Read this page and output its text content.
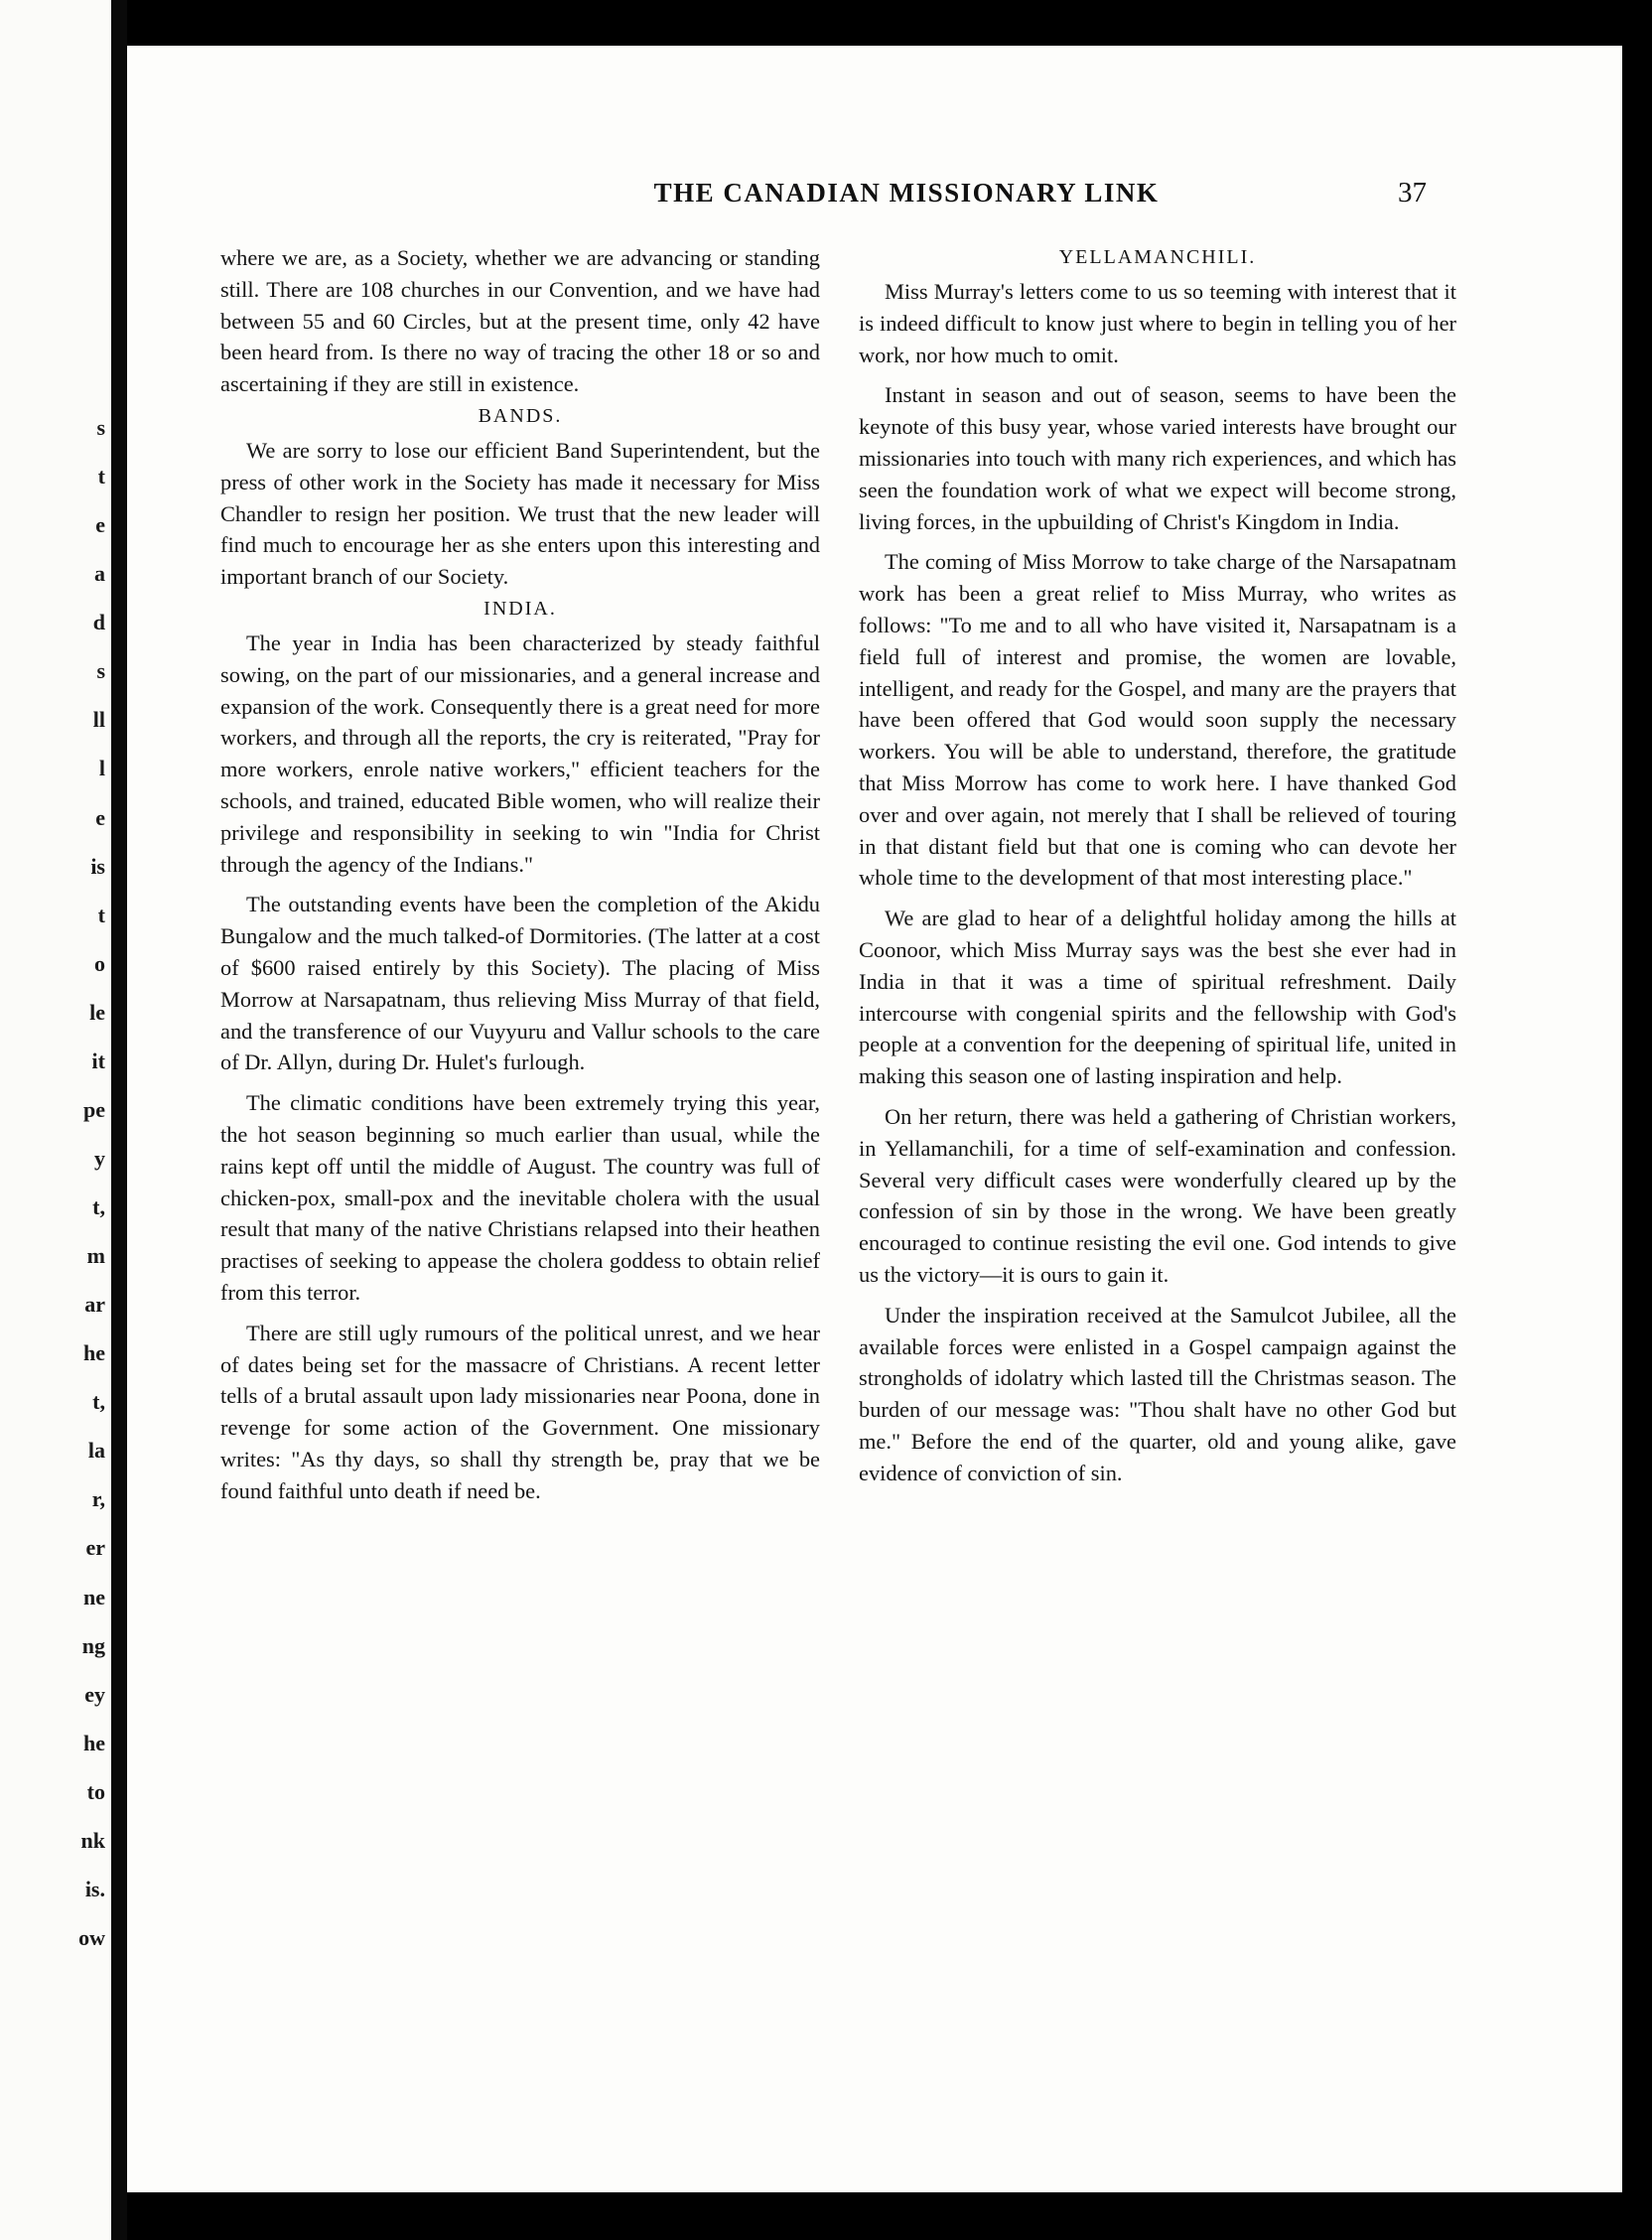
s
t
e
a
d
s
ll
l
e
is
t
o
le
it
pe
y
t,
m
ar
he
t,
la
r,
er
ne
ng
ey
he
to
nk
is.
ow
THE CANADIAN MISSIONARY LINK	37

where we are, as a Society, whether we are advancing or standing still. There are 108 churches in our Convention, and we have had between 55 and 60 Circles, but at the present time, only 42 have been heard from. Is there no way of tracing the other 18 or so and ascertaining if they are still in existence.

BANDS.

We are sorry to lose our efficient Band Superintendent, but the press of other work in the Society has made it necessary for Miss Chandler to resign her position. We trust that the new leader will find much to encourage her as she enters upon this interesting and important branch of our Society.

INDIA.

The year in India has been characterized by steady faithful sowing, on the part of our missionaries, and a general increase and expansion of the work. Consequently there is a great need for more workers, and through all the reports, the cry is reiterated, "Pray for more workers, enrole native workers," efficient teachers for the schools, and trained, educated Bible women, who will realize their privilege and responsibility in seeking to win "India for Christ through the agency of the Indians."

The outstanding events have been the completion of the Akidu Bungalow and the much talked-of Dormitories. (The latter at a cost of $600 raised entirely by this Society). The placing of Miss Morrow at Narsapatnam, thus relieving Miss Murray of that field, and the transference of our Vuyyuru and Vallur schools to the care of Dr. Allyn, during Dr. Hulet's furlough.

The climatic conditions have been extremely trying this year, the hot season beginning so much earlier than usual, while the rains kept off until the middle of August. The country was full of chicken-pox, small-pox and the inevitable cholera with the usual result that many of the native Christians relapsed into their heathen practises of seeking to appease the cholera goddess to obtain relief from this terror.

There are still ugly rumours of the political unrest, and we hear of dates being set for the massacre of Christians. A recent letter tells of a brutal assault upon lady missionaries near Poona, done in revenge for some action of the Government. One missionary writes: "As thy days, so shall thy strength be, pray that we be found faithful unto death if need be.

YELLAMANCHILI.

Miss Murray's letters come to us so teeming with interest that it is indeed difficult to know just where to begin in telling you of her work, nor how much to omit.

Instant in season and out of season, seems to have been the keynote of this busy year, whose varied interests have brought our missionaries into touch with many rich experiences, and which has seen the foundation work of what we expect will become strong, living forces, in the upbuilding of Christ's Kingdom in India.

The coming of Miss Morrow to take charge of the Narsapatnam work has been a great relief to Miss Murray, who writes as follows: "To me and to all who have visited it, Narsapatnam is a field full of interest and promise, the women are lovable, intelligent, and ready for the Gospel, and many are the prayers that have been offered that God would soon supply the necessary workers. You will be able to understand, therefore, the gratitude that Miss Morrow has come to work here. I have thanked God over and over again, not merely that I shall be relieved of touring in that distant field but that one is coming who can devote her whole time to the development of that most interesting place."

We are glad to hear of a delightful holiday among the hills at Coonoor, which Miss Murray says was the best she ever had in India in that it was a time of spiritual refreshment. Daily intercourse with congenial spirits and the fellowship with God's people at a convention for the deepening of spiritual life, united in making this season one of lasting inspiration and help.

On her return, there was held a gathering of Christian workers, in Yellamanchili, for a time of self-examination and confession. Several very difficult cases were wonderfully cleared up by the confession of sin by those in the wrong. We have been greatly encouraged to continue resisting the evil one. God intends to give us the victory—it is ours to gain it.

Under the inspiration received at the Samulcot Jubilee, all the available forces were enlisted in a Gospel campaign against the strongholds of idolatry which lasted till the Christmas season. The burden of our message was: "Thou shalt have no other God but me." Before the end of the quarter, old and young alike, gave evidence of conviction of sin.
